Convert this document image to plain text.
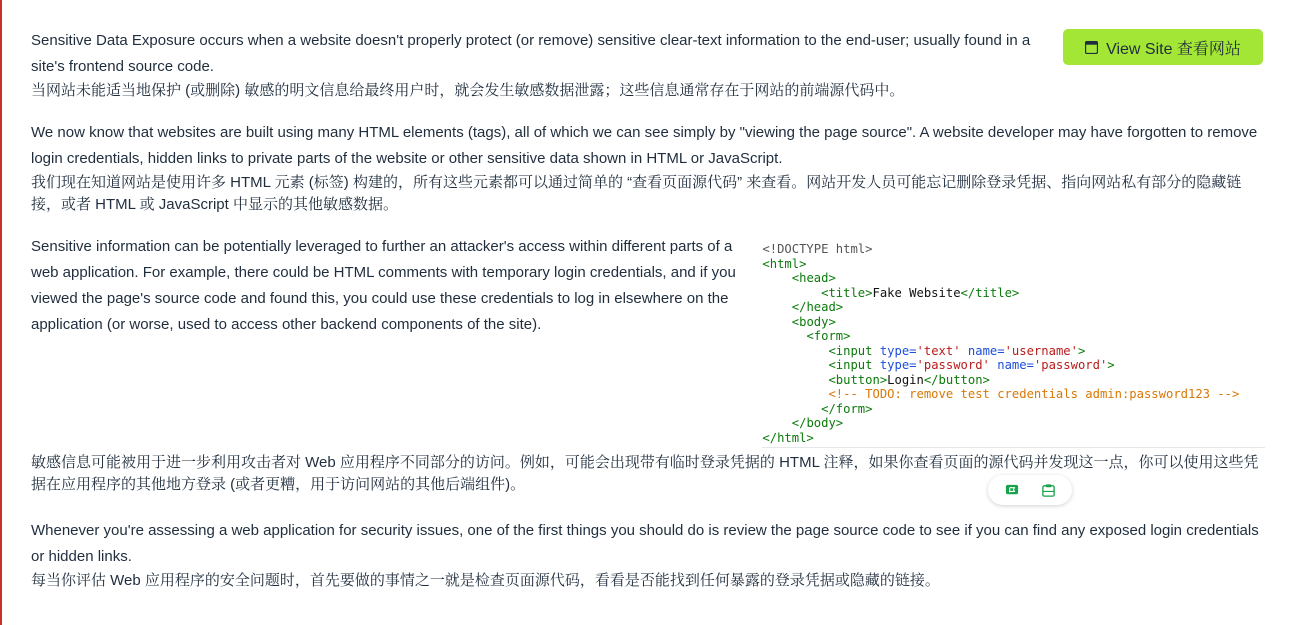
View Site 查看网站

Sensitive Data Exposure occurs when a website doesn't properly protect (or remove) sensitive clear-text information to the end-user; usually found in a site's frontend source code.

当网站未能适当地保护 (或删除) 敏感的明文信息给最终用户时，就会发生敏感数据泄露；这些信息通常存在于网站的前端源代码中。

We now know that websites are built using many HTML elements (tags), all of which we can see simply by "viewing the page source". A website developer may have forgotten to remove login credentials, hidden links to private parts of the website or other sensitive data shown in HTML or JavaScript.

我们现在知道网站是使用许多 HTML 元素 (标签) 构建的，所有这些元素都可以通过简单的 “查看页面源代码” 来查看。网站开发人员可能忘记删除登录凭据、指向网站私有部分的隐藏链接，或者 HTML 或 JavaScript 中显示的其他敏感数据。

Sensitive information can be potentially leveraged to further an attacker's access within different parts of a web application. For example, there could be HTML comments with temporary login credentials, and if you viewed the page's source code and found this, you could use these credentials to log in elsewhere on the application (or worse, used to access other backend components of the site).

<!DOCTYPE html>
<html>
<head>
<title>Fake Website</title>
</head>
<body>
<form>
<input type='text' name='username'>
<input type='password' name='password'>
<button>Login</button>
<!-- TODO: remove test credentials admin:password123 -->
</form>
</body>
</html>

敏感信息可能被用于进一步利用攻击者对 Web 应用程序不同部分的访问。例如，可能会出现带有临时登录凭据的 HTML 注释，如果你查看页面的源代码并发现这一点，你可以使用这些凭据在应用程序的其他地方登录 (或者更糟，用于访问网站的其他后端组件)。

Whenever you're assessing a web application for security issues, one of the first things you should do is review the page source code to see if you can find any exposed login credentials or hidden links.

每当你评估 Web 应用程序的安全问题时，首先要做的事情之一就是检查页面源代码，看看是否能找到任何暴露的登录凭据或隐藏的链接。
